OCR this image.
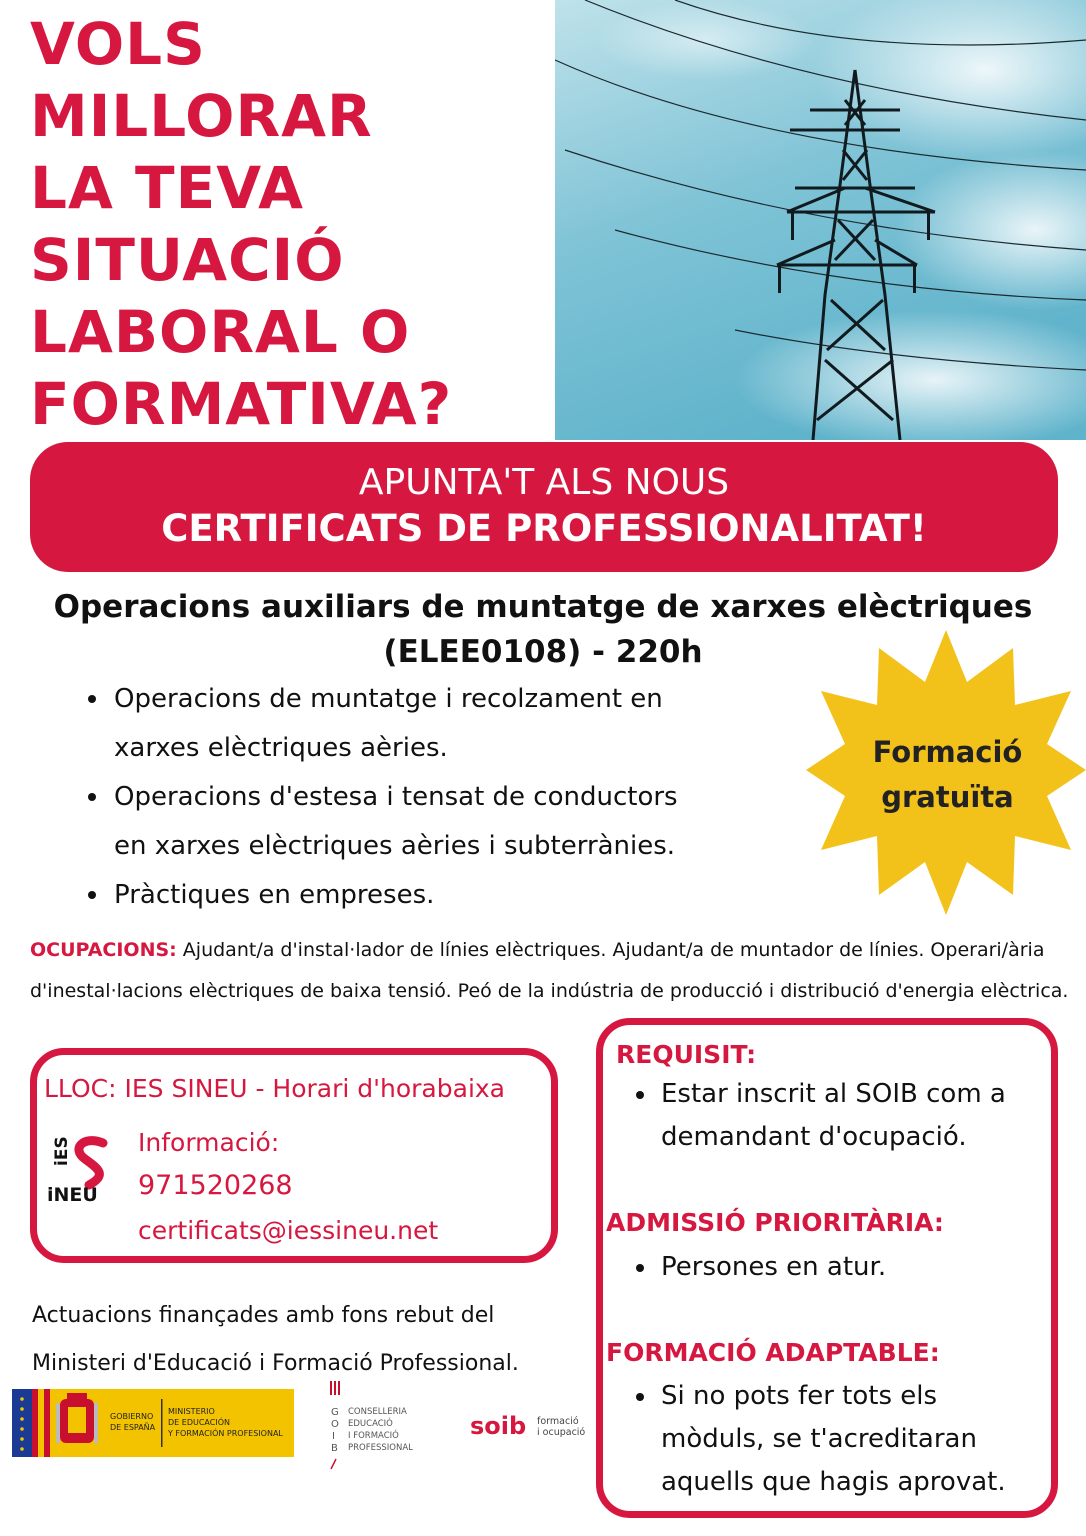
VOLS
MILLORAR
LA TEVA
SITUACIÓ
LABORAL O
FORMATIVA?
APUNTA'T ALS NOUS
CERTIFICATS DE PROFESSIONALITAT!
Operacions auxiliars de muntatge de xarxes elèctriques
(ELEE0108) - 220h
Operacions de muntatge i recolzament en xarxes elèctriques aèries.
Operacions d'estesa i tensat de conductors en xarxes elèctriques aèries i subterrànies.
Pràctiques en empreses.
Formació
gratuïta
OCUPACIONS: Ajudant/a d'instal·lador de línies elèctriques. Ajudant/a de muntador de línies. Operari/ària d'inestal·lacions elèctriques de baixa tensió. Peó de la indústria de producció i distribució d'energia elèctrica.
LLOC: IES SINEU - Horari d'horabaixa
iES
iNEU
Informació:
971520268
certificats@iessineu.net
REQUISIT:
Estar inscrit al SOIB com a demandant d'ocupació.
ADMISSIÓ PRIORITÀRIA:
Persones en atur.
FORMACIÓ ADAPTABLE:
Si no pots fer tots els mòduls, se t'acreditaran aquells que hagis aprovat.
Actuacions finançades amb fons rebut del
Ministeri d'Educació i Formació Professional.
GOBIERNO
DE ESPAÑA
MINISTERIO
DE EDUCACIÓN
Y FORMACIÓN PROFESIONAL
G
O
I
B
CONSELLERIA
EDUCACIÓ
I FORMACIÓ
PROFESSIONAL
soib formació
i ocupació
